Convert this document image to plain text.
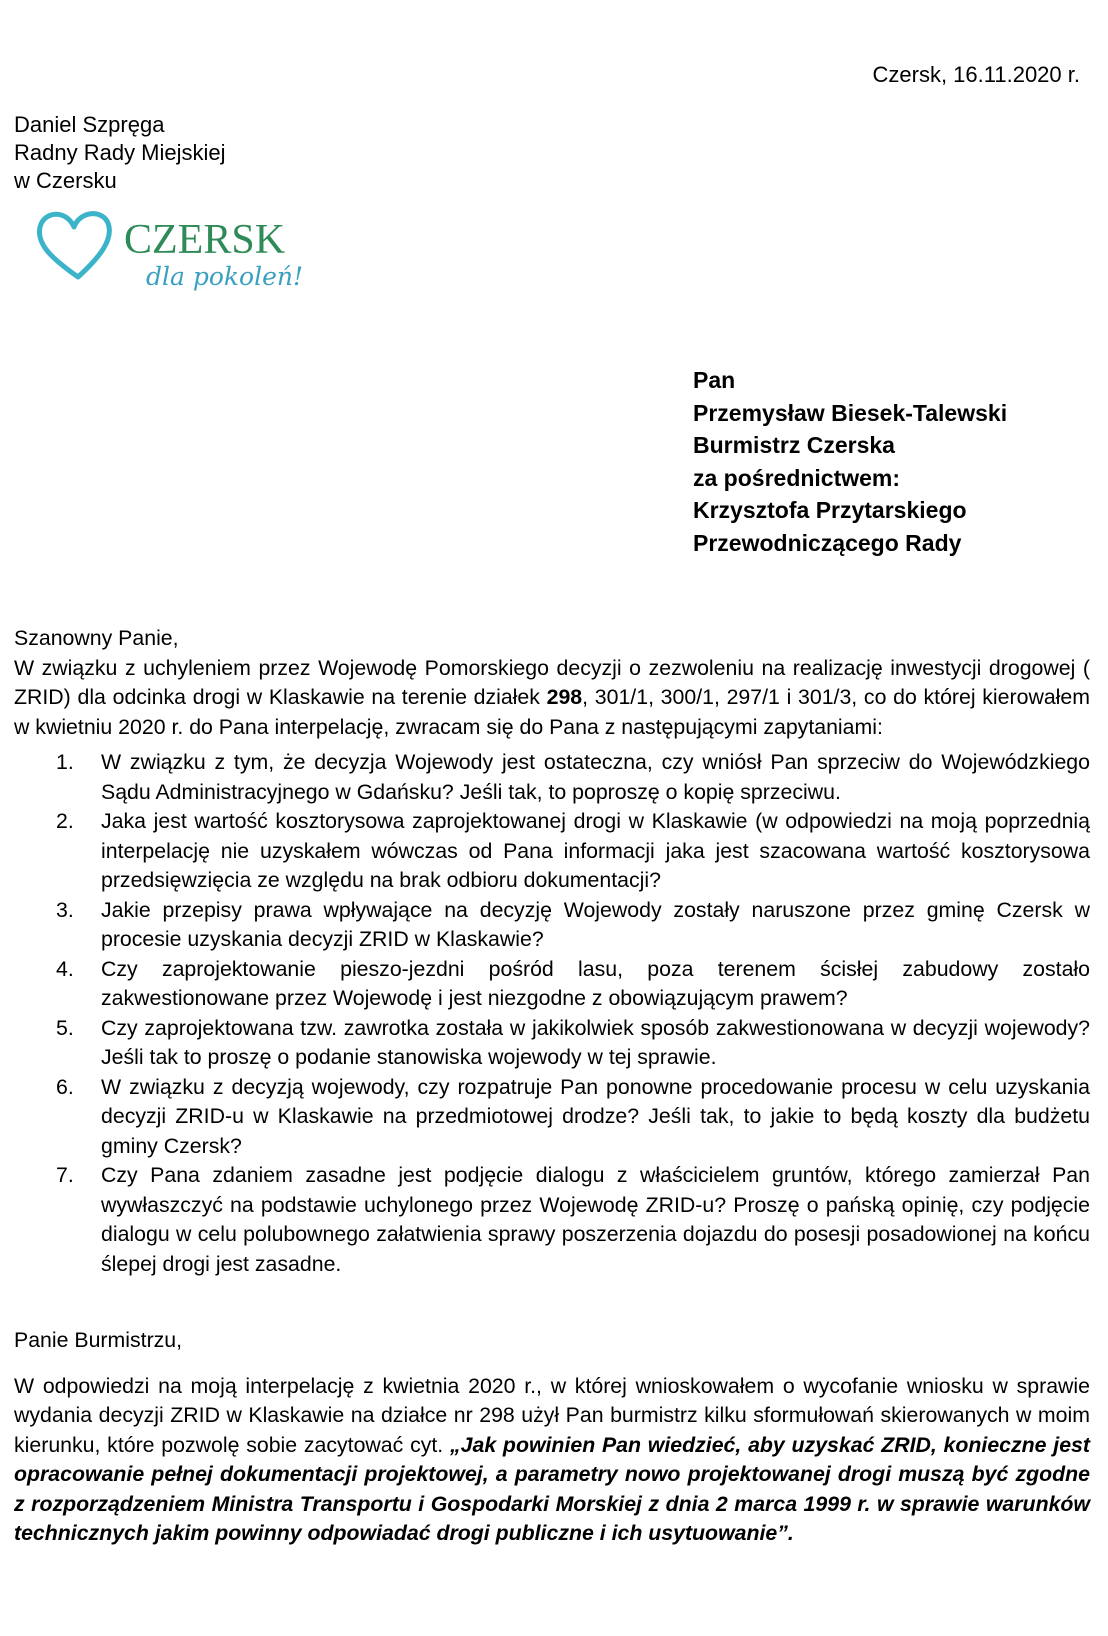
Czersk, 16.11.2020 r.
Daniel Szpręga
Radny Rady Miejskiej
w Czersku
CZERSK
dla pokoleń!
Pan
Przemysław Biesek-Talewski
Burmistrz Czerska
za pośrednictwem:
Krzysztofa Przytarskiego
Przewodniczącego Rady

Szanowny Panie,

W związku z uchyleniem przez Wojewodę Pomorskiego decyzji o zezwoleniu na realizację inwestycji drogowej ( ZRID) dla odcinka drogi w Klaskawie na terenie działek 298, 301/1, 300/1, 297/1 i 301/3, co do której kierowałem w kwietniu 2020 r. do Pana interpelację, zwracam się do Pana z następującymi zapytaniami:

1. W związku z tym, że decyzja Wojewody jest ostateczna, czy wniósł Pan sprzeciw do Wojewódzkiego Sądu Administracyjnego w Gdańsku? Jeśli tak, to poproszę o kopię sprzeciwu.
2. Jaka jest wartość kosztorysowa zaprojektowanej drogi w Klaskawie (w odpowiedzi na moją poprzednią interpelację nie uzyskałem wówczas od Pana informacji jaka jest szacowana wartość kosztorysowa przedsięwzięcia ze względu na brak odbioru dokumentacji?
3. Jakie przepisy prawa wpływające na decyzję Wojewody zostały naruszone przez gminę Czersk w procesie uzyskania decyzji ZRID w Klaskawie?
4. Czy zaprojektowanie pieszo-jezdni pośród lasu, poza terenem ścisłej zabudowy zostało zakwestionowane przez Wojewodę i jest niezgodne z obowiązującym prawem?
5. Czy zaprojektowana tzw. zawrotka została w jakikolwiek sposób zakwestionowana w decyzji wojewody? Jeśli tak to proszę o podanie stanowiska wojewody w tej sprawie.
6. W związku z decyzją wojewody, czy rozpatruje Pan ponowne procedowanie procesu w celu uzyskania decyzji ZRID-u w Klaskawie na przedmiotowej drodze? Jeśli tak, to jakie to będą koszty dla budżetu gminy Czersk?
7. Czy Pana zdaniem zasadne jest podjęcie dialogu z właścicielem gruntów, którego zamierzał Pan wywłaszczyć na podstawie uchylonego przez Wojewodę ZRID-u? Proszę o pańską opinię, czy podjęcie dialogu w celu polubownego załatwienia sprawy poszerzenia dojazdu do posesji posadowionej na końcu ślepej drogi jest zasadne.

Panie Burmistrzu,

W odpowiedzi na moją interpelację z kwietnia 2020 r., w której wnioskowałem o wycofanie wniosku w sprawie wydania decyzji ZRID w Klaskawie na działce nr 298 użył Pan burmistrz kilku sformułowań skierowanych w moim kierunku, które pozwolę sobie zacytować cyt. „Jak powinien Pan wiedzieć, aby uzyskać ZRID, konieczne jest opracowanie pełnej dokumentacji projektowej, a parametry nowo projektowanej drogi muszą być zgodne z rozporządzeniem Ministra Transportu i Gospodarki Morskiej z dnia 2 marca 1999 r. w sprawie warunków technicznych jakim powinny odpowiadać drogi publiczne i ich usytuowanie”.
